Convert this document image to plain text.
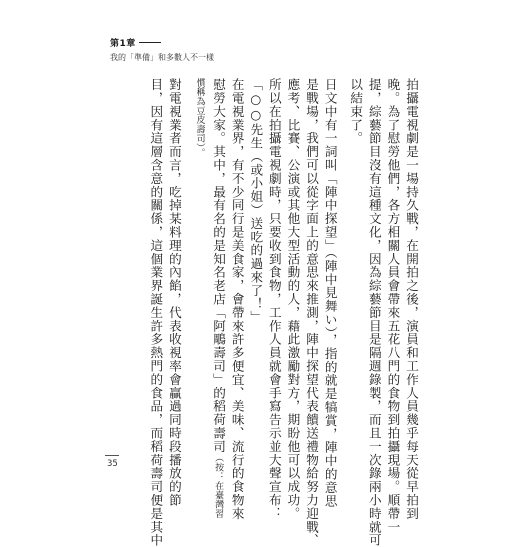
第1章
我的「準備」和多數人不一樣
拍攝電視劇是一場持久戰，在開拍之後，演員和工作人員幾乎每天從早拍到
晚。為了慰勞他們，各方相關人員會帶來五花八門的食物到拍攝現場。順帶一
提，綜藝節目沒有這種文化，因為綜藝節目是隔週錄製，而且一次錄兩小時就可
以結束了。
日文中有一詞叫「陣中探望」（陣中見舞い），指的就是犒賞，陣中的意思
是戰場，我們可以從字面上的意思來推測，陣中探望代表饋送禮物給努力迎戰、
應考、比賽、公演或其他大型活動的人，藉此激勵對方，期盼他可以成功。
所以在拍攝電視劇時，只要收到食物，工作人員就會手寫告示並大聲宣布：
「○○先生（或小姐）送吃的過來了！」
在電視業界，有不少同行是美食家，會帶來許多便宜、美味、流行的食物來
慰勞大家。其中，最有名的是知名老店「阿鵰壽司」的稻荷壽司（按：在臺灣習
慣稱為豆皮壽司）。
對電視業者而言，吃掉某料理的內餡，代表收視率會贏過同時段播放的節
目，因有這層含意的關係，這個業界誕生許多熱門的食品，而稻荷壽司便是其中
35
